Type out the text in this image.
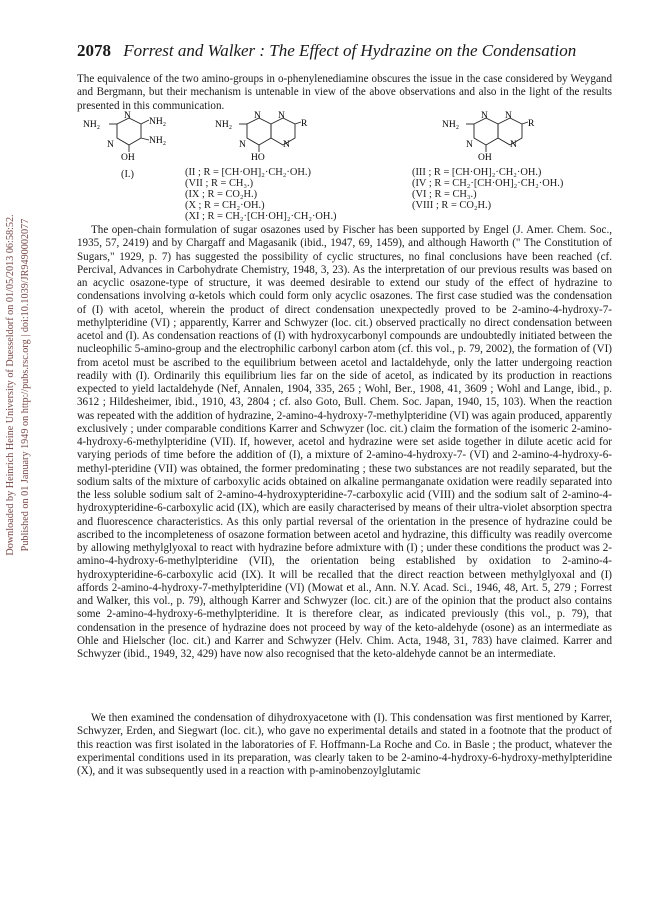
Downloaded by Heinrich Heine University of Duesseldorf on 01/05/2013 06:58:52. Published on 01 January 1949 on http://pubs.rsc.org | doi:10.1039/JR9490002077
2078 Forrest and Walker : The Effect of Hydrazine on the Condensation
The equivalence of the two amino-groups in o-phenylenediamine obscures the issue in the case considered by Weygand and Bergmann, but their mechanism is untenable in view of the above observations and also in the light of the results presented in this communication.
NH₂
N
NH₂
NH₂
N
OH
(I.)
NH₂
N N
R
N	N
HO
(II ; R = [CH·OH]₂·CH₂·OH.)
(VII ; R = CH₃.)
(IX ; R = CO₂H.)
(X ; R = CH₂·OH.)
(XI ; R = CH₂·[CH·OH]₂·CH₂·OH.)
NH₂
N N
R
N	N
OH
(III ; R = [CH·OH]₂·CH₂·OH.)
(IV ; R = CH₂·[CH·OH]₂·CH₂·OH.)
(VI ; R = CH₃.)
(VIII ; R = CO₂H.)
The open-chain formulation of sugar osazones used by Fischer has been supported by Engel (J. Amer. Chem. Soc., 1935, 57, 2419) and by Chargaff and Magasanik (ibid., 1947, 69, 1459), and although Haworth (" The Constitution of Sugars," 1929, p. 7) has suggested the possibility of cyclic structures, no final conclusions have been reached (cf. Percival, Advances in Carbohydrate Chemistry, 1948, 3, 23). As the interpretation of our previous results was based on an acyclic osazone-type of structure, it was deemed desirable to extend our study of the effect of hydrazine to condensations involving α-ketols which could form only acyclic osazones. The first case studied was the condensation of (I) with acetol, wherein the product of direct condensation unexpectedly proved to be 2-amino-4-hydroxy-7-methylpteridine (VI) ; apparently, Karrer and Schwyzer (loc. cit.) observed practically no direct condensation between acetol and (I). As condensation reactions of (I) with hydroxycarbonyl compounds are undoubtedly initiated between the nucleophilic 5-amino-group and the electrophilic carbonyl carbon atom (cf. this vol., p. 79, 2002), the formation of (VI) from acetol must be ascribed to the equilibrium between acetol and lactaldehyde, only the latter undergoing reaction readily with (I). Ordinarily this equilibrium lies far on the side of acetol, as indicated by its production in reactions expected to yield lactaldehyde (Nef, Annalen, 1904, 335, 265 ; Wohl, Ber., 1908, 41, 3609 ; Wohl and Lange, ibid., p. 3612 ; Hildesheimer, ibid., 1910, 43, 2804 ; cf. also Goto, Bull. Chem. Soc. Japan, 1940, 15, 103). When the reaction was repeated with the addition of hydrazine, 2-amino-4-hydroxy-7-methylpteridine (VI) was again produced, apparently exclusively ; under comparable conditions Karrer and Schwyzer (loc. cit.) claim the formation of the isomeric 2-amino-4-hydroxy-6-methylpteridine (VII). If, however, acetol and hydrazine were set aside together in dilute acetic acid for varying periods of time before the addition of (I), a mixture of 2-amino-4-hydroxy-7- (VI) and 2-amino-4-hydroxy-6-methyl-pteridine (VII) was obtained, the former predominating ; these two substances are not readily separated, but the sodium salts of the mixture of carboxylic acids obtained on alkaline permanganate oxidation were readily separated into the less soluble sodium salt of 2-amino-4-hydroxypteridine-7-carboxylic acid (VIII) and the sodium salt of 2-amino-4-hydroxypteridine-6-carboxylic acid (IX), which are easily characterised by means of their ultra-violet absorption spectra and fluorescence characteristics. As this only partial reversal of the orientation in the presence of hydrazine could be ascribed to the incompleteness of osazone formation between acetol and hydrazine, this difficulty was readily overcome by allowing methylglyoxal to react with hydrazine before admixture with (I) ; under these conditions the product was 2-amino-4-hydroxy-6-methylpteridine (VII), the orientation being established by oxidation to 2-amino-4-hydroxypteridine-6-carboxylic acid (IX). It will be recalled that the direct reaction between methylglyoxal and (I) affords 2-amino-4-hydroxy-7-methylpteridine (VI) (Mowat et al., Ann. N.Y. Acad. Sci., 1946, 48, Art. 5, 279 ; Forrest and Walker, this vol., p. 79), although Karrer and Schwyzer (loc. cit.) are of the opinion that the product also contains some 2-amino-4-hydroxy-6-methylpteridine. It is therefore clear, as indicated previously (this vol., p. 79), that condensation in the presence of hydrazine does not proceed by way of the keto-aldehyde (osone) as an intermediate as Ohle and Hielscher (loc. cit.) and Karrer and Schwyzer (Helv. Chim. Acta, 1948, 31, 783) have claimed. Karrer and Schwyzer (ibid., 1949, 32, 429) have now also recognised that the keto-aldehyde cannot be an intermediate.
We then examined the condensation of dihydroxyacetone with (I). This condensation was first mentioned by Karrer, Schwyzer, Erden, and Siegwart (loc. cit.), who gave no experimental details and stated in a footnote that the product of this reaction was first isolated in the laboratories of F. Hoffmann-La Roche and Co. in Basle ; the product, whatever the experimental conditions used in its preparation, was clearly taken to be 2-amino-4-hydroxy-6-hydroxy-methylpteridine (X), and it was subsequently used in a reaction with p-aminobenzoylglutamic
